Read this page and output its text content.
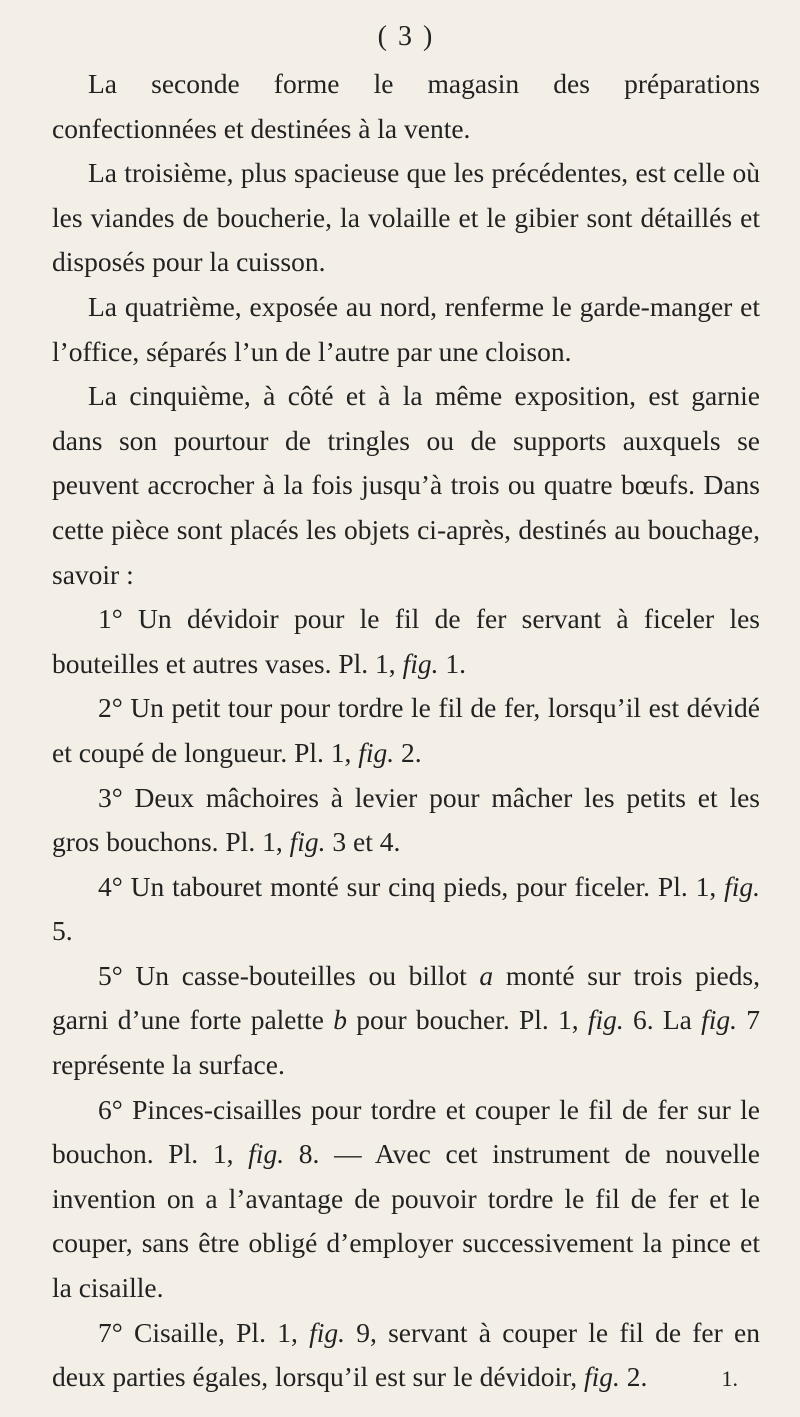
( 3 )

La seconde forme le magasin des préparations confectionnées et destinées à la vente.

La troisième, plus spacieuse que les précédentes, est celle où les viandes de boucherie, la volaille et le gibier sont détaillés et disposés pour la cuisson.

La quatrième, exposée au nord, renferme le garde-manger et l’office, séparés l’un de l’autre par une cloison.

La cinquième, à côté et à la même exposition, est garnie dans son pourtour de tringles ou de supports auxquels se peuvent accrocher à la fois jusqu’à trois ou quatre bœufs. Dans cette pièce sont placés les objets ci-après, destinés au bouchage, savoir :

1° Un dévidoir pour le fil de fer servant à ficeler les bouteilles et autres vases. Pl. 1, fig. 1.

2° Un petit tour pour tordre le fil de fer, lorsqu’il est dévidé et coupé de longueur. Pl. 1, fig. 2.

3° Deux mâchoires à levier pour mâcher les petits et les gros bouchons. Pl. 1, fig. 3 et 4.

4° Un tabouret monté sur cinq pieds, pour ficeler. Pl. 1, fig. 5.

5° Un casse-bouteilles ou billot a monté sur trois pieds, garni d’une forte palette b pour boucher. Pl. 1, fig. 6. La fig. 7 représente la surface.

6° Pinces-cisailles pour tordre et couper le fil de fer sur le bouchon. Pl. 1, fig. 8. — Avec cet instrument de nouvelle invention on a l’avantage de pouvoir tordre le fil de fer et le couper, sans être obligé d’employer successivement la pince et la cisaille.

7° Cisaille, Pl. 1, fig. 9, servant à couper le fil de fer en deux parties égales, lorsqu’il est sur le dévidoir, fig. 2.	1.
